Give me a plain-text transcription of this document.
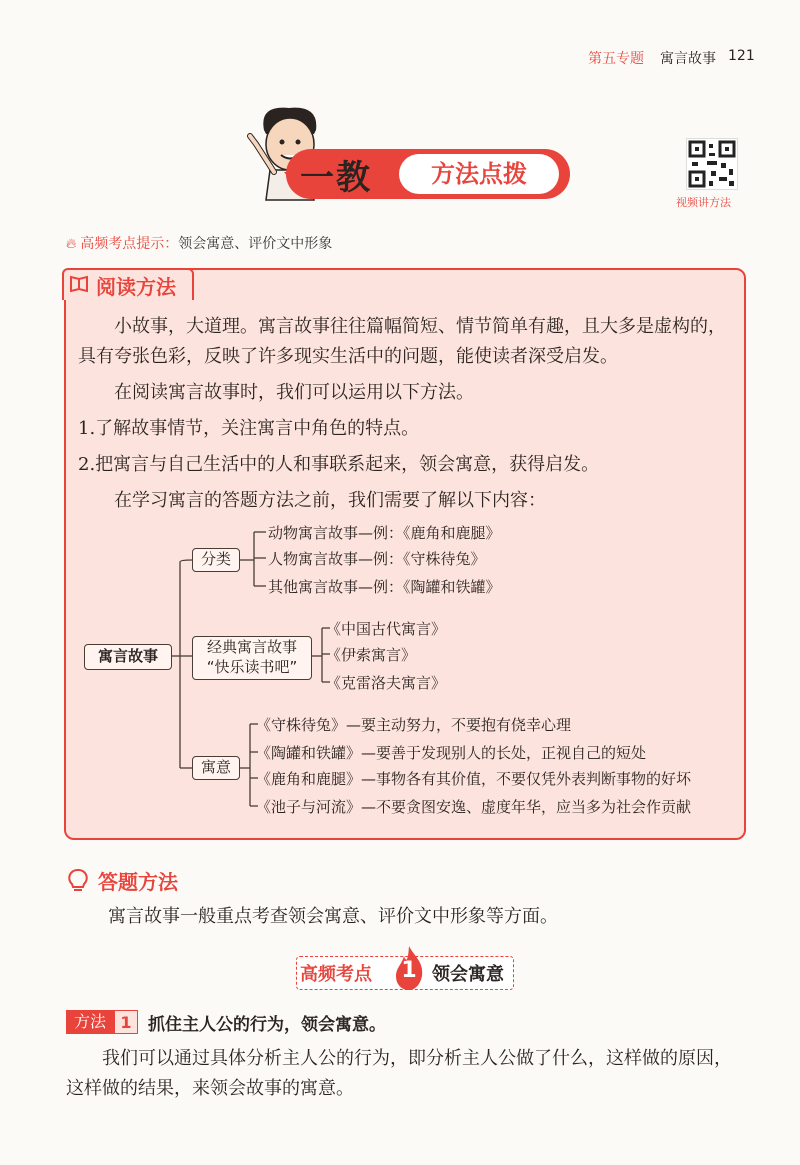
第五专题 寓言故事 121
一教	方法点拨
视频讲方法
🔥︎ 高频考点提示：领会寓意、评价文中形象
阅读方法
小故事，大道理。寓言故事往往篇幅简短、情节简单有趣，且大多是虚构的，
具有夸张色彩，反映了许多现实生活中的问题，能使读者深受启发。
在阅读寓言故事时，我们可以运用以下方法。
1.了解故事情节，关注寓言中角色的特点。
2.把寓言与自己生活中的人和事联系起来，领会寓意，获得启发。
在学习寓言的答题方法之前，我们需要了解以下内容：
寓言故事
分类
经典寓言故事
“快乐读书吧”
寓意
动物寓言故事—例：《鹿角和鹿腿》
人物寓言故事—例：《守株待兔》
其他寓言故事—例：《陶罐和铁罐》
《中国古代寓言》
《伊索寓言》
《克雷洛夫寓言》
《守株待兔》—要主动努力，不要抱有侥幸心理
《陶罐和铁罐》—要善于发现别人的长处，正视自己的短处
《鹿角和鹿腿》—事物各有其价值，不要仅凭外表判断事物的好坏
《池子与河流》—不要贪图安逸、虚度年华，应当多为社会作贡献
答题方法
寓言故事一般重点考查领会寓意、评价文中形象等方面。
高频考点	1 领会寓意
方法 1 抓住主人公的行为，领会寓意。
我们可以通过具体分析主人公的行为，即分析主人公做了什么，这样做的原因，
这样做的结果，来领会故事的寓意。
